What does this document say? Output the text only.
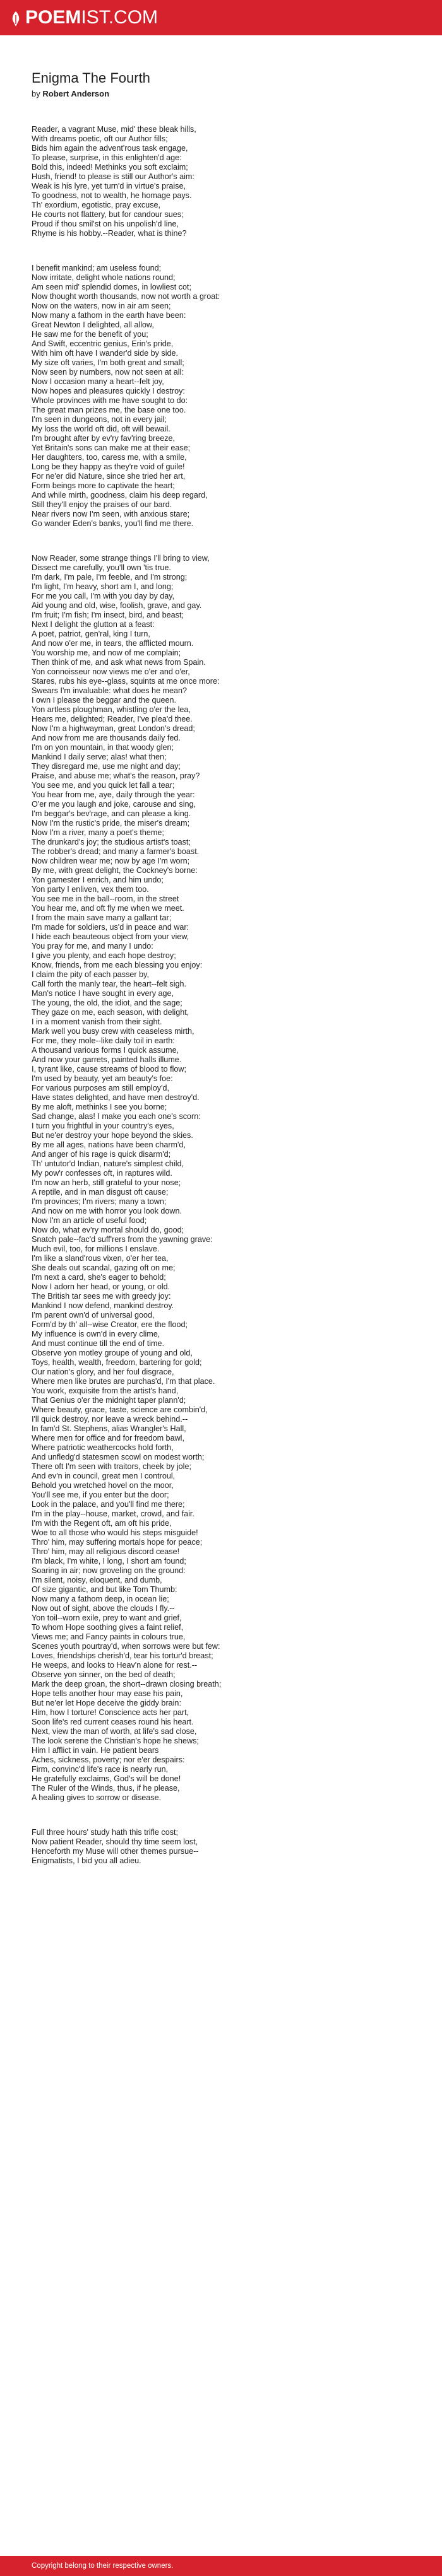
POEM IST.COM
Enigma The Fourth
by Robert Anderson
Reader, a vagrant Muse, mid' these bleak hills,
With dreams poetic, oft our Author fills;
Bids him again the advent'rous task engage,
To please, surprise, in this enlighten'd age:
Bold this, indeed! Methinks you soft exclaim;
Hush, friend! to please is still our Author's aim:
Weak is his lyre, yet turn'd in virtue's praise,
To goodness, not to wealth, he homage pays.
Th' exordium, egotistic, pray excuse,
He courts not flattery, but for candour sues;
Proud if thou smil'st on his unpolish'd line,
Rhyme is his hobby.--Reader, what is thine?
I benefit mankind; am useless found;
Now irritate, delight whole nations round;
Am seen mid' splendid domes, in lowliest cot;
Now thought worth thousands, now not worth a groat:
Now on the waters, now in air am seen;
Now many a fathom in the earth have been:
Great Newton I delighted, all allow,
He saw me for the benefit of you;
And Swift, eccentric genius, Erin's pride,
With him oft have I wander'd side by side.
My size oft varies, I'm both great and small;
Now seen by numbers, now not seen at all:
Now I occasion many a heart--felt joy,
Now hopes and pleasures quickly I destroy:
Whole provinces with me have sought to do:
The great man prizes me, the base one too.
I'm seen in dungeons, not in every jail;
My loss the world oft did, oft will bewail.
I'm brought after by ev'ry fav'ring breeze,
Yet Britain's sons can make me at their ease;
Her daughters, too, caress me, with a smile,
Long be they happy as they're void of guile!
For ne'er did Nature, since she tried her art,
Form beings more to captivate the heart;
And while mirth, goodness, claim his deep regard,
Still they'll enjoy the praises of our bard.
Near rivers now I'm seen, with anxious stare;
Go wander Eden's banks, you'll find me there.
Now Reader, some strange things I'll bring to view,
Dissect me carefully, you'll own 'tis true.
I'm dark, I'm pale, I'm feeble, and I'm strong;
I'm light, I'm heavy, short am I, and long;
For me you call, I'm with you day by day,
Aid young and old, wise, foolish, grave, and gay.
I'm fruit; I'm fish; I'm insect, bird, and beast;
Next I delight the glutton at a feast:
A poet, patriot, gen'ral, king I turn,
And now o'er me, in tears, the afflicted mourn.
You worship me, and now of me complain;
Then think of me, and ask what news from Spain.
Yon connoisseur now views me o'er and o'er,
Stares, rubs his eye--glass, squints at me once more:
Swears I'm invaluable: what does he mean?
I own I please the beggar and the queen.
Yon artless ploughman, whistling o'er the lea,
Hears me, delighted; Reader, I've plea'd thee.
Now I'm a highwayman, great London's dread;
And now from me are thousands daily fed.
I'm on yon mountain, in that woody glen;
Mankind I daily serve; alas! what then;
They disregard me, use me night and day;
Praise, and abuse me; what's the reason, pray?
You see me, and you quick let fall a tear;
You hear from me, aye, daily through the year:
O'er me you laugh and joke, carouse and sing,
I'm beggar's bev'rage, and can please a king.
Now I'm the rustic's pride, the miser's dream;
Now I'm a river, many a poet's theme;
The drunkard's joy; the studious artist's toast;
The robber's dread; and many a farmer's boast.
Now children wear me; now by age I'm worn;
By me, with great delight, the Cockney's borne:
Yon gamester I enrich, and him undo;
Yon party I enliven, vex them too.
You see me in the ball--room, in the street
You hear me, and oft fly me when we meet.
I from the main save many a gallant tar;
I'm made for soldiers, us'd in peace and war:
I hide each beauteous object from your view,
You pray for me, and many I undo:
I give you plenty, and each hope destroy;
Know, friends, from me each blessing you enjoy:
I claim the pity of each passer by,
Call forth the manly tear, the heart--felt sigh.
Man's notice I have sought in every age,
The young, the old, the idiot, and the sage;
They gaze on me, each season, with delight,
I in a moment vanish from their sight.
Mark well you busy crew with ceaseless mirth,
For me, they mole--like daily toil in earth:
A thousand various forms I quick assume,
And now your garrets, painted halls illume.
I, tyrant like, cause streams of blood to flow;
I'm used by beauty, yet am beauty's foe:
For various purposes am still employ'd,
Have states delighted, and have men destroy'd.
By me aloft, methinks I see you borne;
Sad change, alas! I make you each one's scorn:
I turn you frightful in your country's eyes,
But ne'er destroy your hope beyond the skies.
By me all ages, nations have been charm'd,
And anger of his rage is quick disarm'd;
Th' untutor'd Indian, nature's simplest child,
My pow'r confesses oft, in raptures wild.
I'm now an herb, still grateful to your nose;
A reptile, and in man disgust oft cause;
I'm provinces; I'm rivers; many a town;
And now on me with horror you look down.
Now I'm an article of useful food;
Now do, what ev'ry mortal should do, good;
Snatch pale--fac'd suff'rers from the yawning grave:
Much evil, too, for millions I enslave.
I'm like a sland'rous vixen, o'er her tea,
She deals out scandal, gazing oft on me;
I'm next a card, she's eager to behold;
Now I adorn her head, or young, or old.
The British tar sees me with greedy joy:
Mankind I now defend, mankind destroy.
I'm parent own'd of universal good,
Form'd by th' all--wise Creator, ere the flood;
My influence is own'd in every clime,
And must continue till the end of time.
Observe yon motley groupe of young and old,
Toys, health, wealth, freedom, bartering for gold;
Our nation's glory, and her foul disgrace,
Where men like brutes are purchas'd, I'm that place.
You work, exquisite from the artist's hand,
That Genius o'er the midnight taper plann'd;
Where beauty, grace, taste, science are combin'd,
I'll quick destroy, nor leave a wreck behind.--
In fam'd St. Stephens, alias Wrangler's Hall,
Where men for office and for freedom bawl,
Where patriotic weathercocks hold forth,
And unfledg'd statesmen scowl on modest worth;
There oft I'm seen with traitors, cheek by jole;
And ev'n in council, great men I controul,
Behold you wretched hovel on the moor,
You'll see me, if you enter but the door;
Look in the palace, and you'll find me there;
I'm in the play--house, market, crowd, and fair.
I'm with the Regent oft, am oft his pride,
Woe to all those who would his steps misguide!
Thro' him, may suffering mortals hope for peace;
Thro' him, may all religious discord cease!
I'm black, I'm white, I long, I short am found;
Soaring in air; now groveling on the ground:
I'm silent, noisy, eloquent, and dumb,
Of size gigantic, and but like Tom Thumb:
Now many a fathom deep, in ocean lie;
Now out of sight, above the clouds I fly.--
Yon toil--worn exile, prey to want and grief,
To whom Hope soothing gives a faint relief,
Views me; and Fancy paints in colours true,
Scenes youth pourtray'd, when sorrows were but few:
Loves, friendships cherish'd, tear his tortur'd breast;
He weeps, and looks to Heav'n alone for rest.--
Observe yon sinner, on the bed of death;
Mark the deep groan, the short--drawn closing breath;
Hope tells another hour may ease his pain,
But ne'er let Hope deceive the giddy brain:
Him, how I torture! Conscience acts her part,
Soon life's red current ceases round his heart.
Next, view the man of worth, at life's sad close,
The look serene the Christian's hope he shews;
Him I afflict in vain. He patient bears
Aches, sickness, poverty; nor e'er despairs:
Firm, convinc'd life's race is nearly run,
He gratefully exclaims, God's will be done!
The Ruler of the Winds, thus, if he please,
A healing gives to sorrow or disease.
Full three hours' study hath this trifle cost;
Now patient Reader, should thy time seem lost,
Henceforth my Muse will other themes pursue--
Enigmatists, I bid you all adieu.
Copyright belong to their respective owners.
